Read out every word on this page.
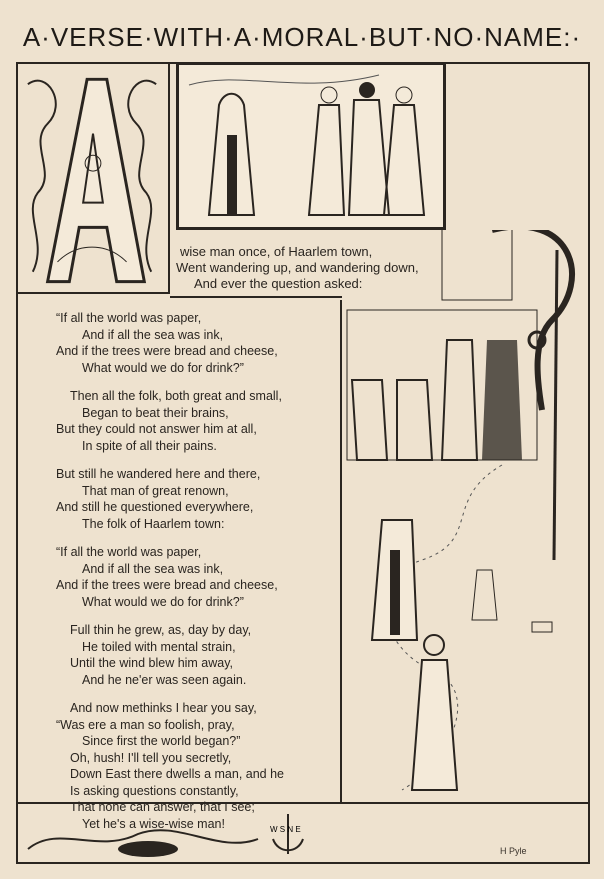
A·VERSE·WITH·A·MORAL·BUT·NO·NAME:·
wise man once, of Haarlem town,
Went wandering up, and wandering down,
And ever the question asked:
“If all the world was paper,
And if all the sea was ink,
And if the trees were bread and cheese,
What would we do for drink?”
Then all the folk, both great and small,
Began to beat their brains,
But they could not answer him at all,
In spite of all their pains.
But still he wandered here and there,
That man of great renown,
And still he questioned everywhere,
The folk of Haarlem town:
“If all the world was paper,
And if all the sea was ink,
And if the trees were bread and cheese,
What would we do for drink?”
Full thin he grew, as, day by day,
He toiled with mental strain,
Until the wind blew him away,
And he ne'er was seen again.
And now methinks I hear you say,
“Was ere a man so foolish, pray,
Since first the world began?”
Oh, hush! I'll tell you secretly,
Down East there dwells a man, and he
Is asking questions constantly,
That none can answer, that I see;
Yet he's a wise-wise man!	W S N E
H Pyle
